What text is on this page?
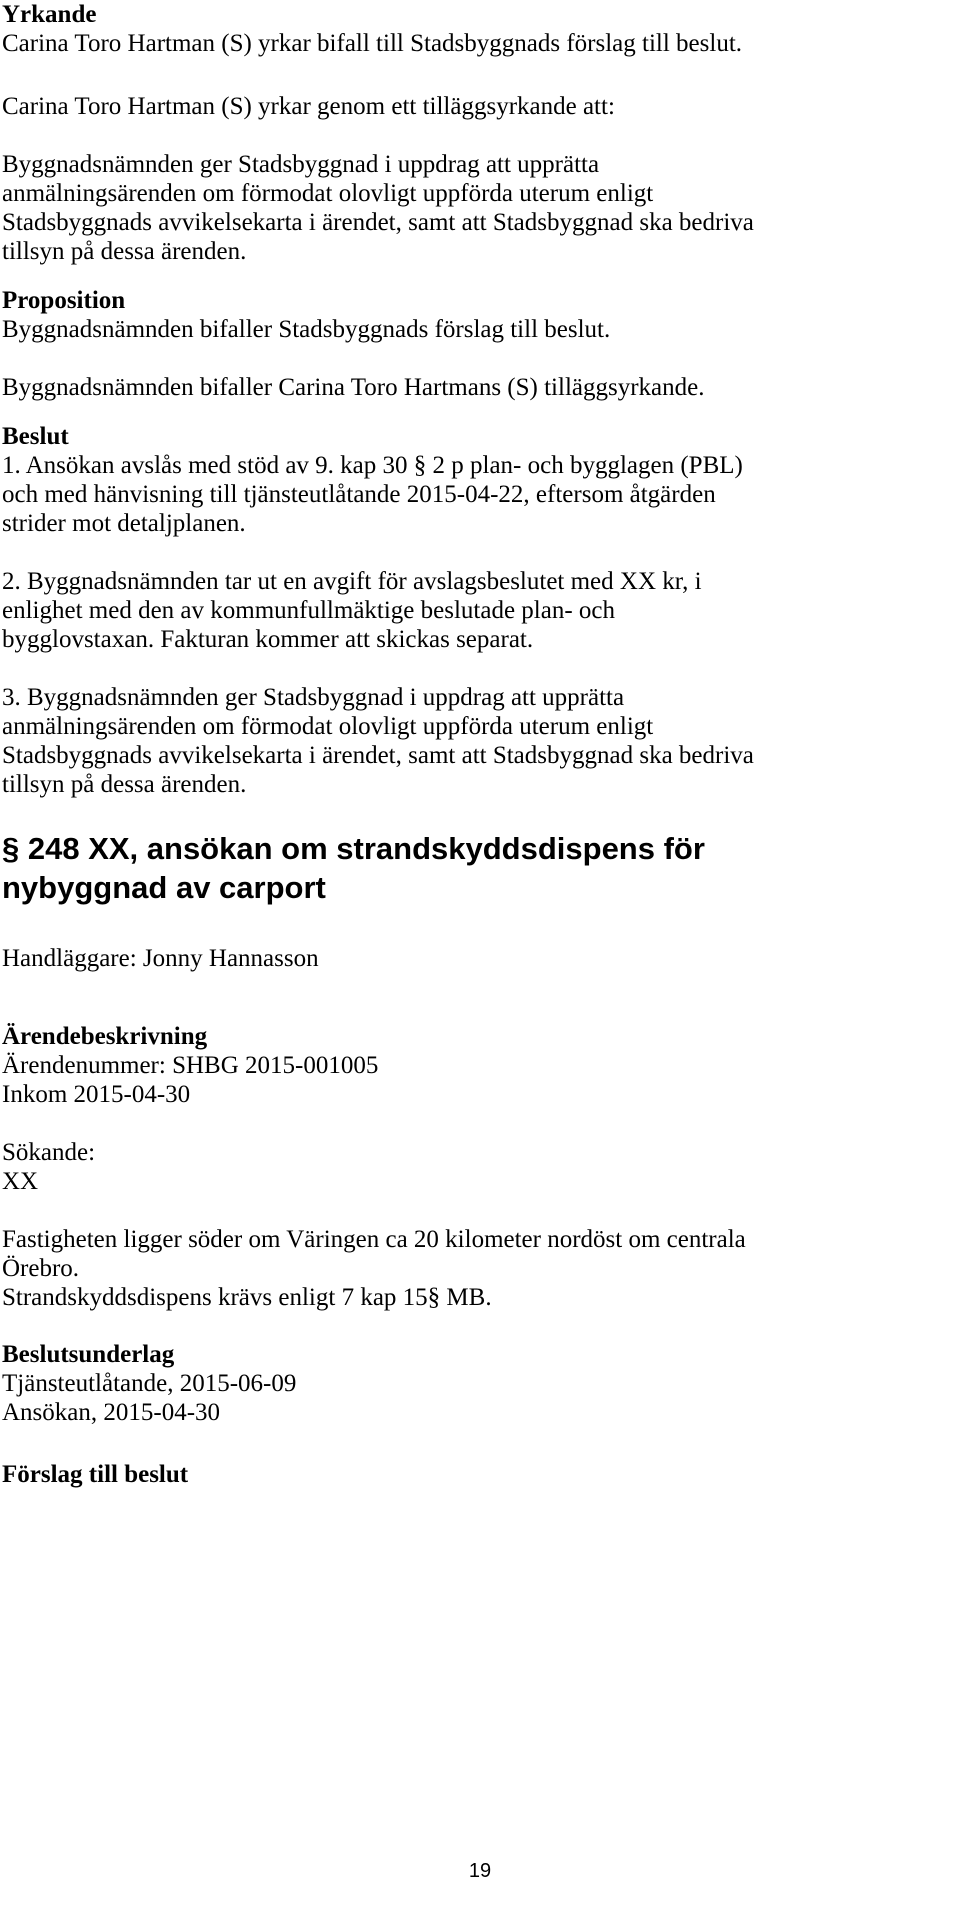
Yrkande
Carina Toro Hartman (S) yrkar bifall till Stadsbyggnads förslag till beslut.
Carina Toro Hartman (S) yrkar genom ett tilläggsyrkande att:
Byggnadsnämnden ger Stadsbyggnad i uppdrag att upprätta
anmälningsärenden om förmodat olovligt uppförda uterum enligt
Stadsbyggnads avvikelsekarta i ärendet, samt att Stadsbyggnad ska bedriva
tillsyn på dessa ärenden.
Proposition
Byggnadsnämnden bifaller Stadsbyggnads förslag till beslut.
Byggnadsnämnden bifaller Carina Toro Hartmans (S) tilläggsyrkande.
Beslut
1. Ansökan avslås med stöd av 9. kap 30 § 2 p plan- och bygglagen (PBL)
och med hänvisning till tjänsteutlåtande 2015-04-22, eftersom åtgärden
strider mot detaljplanen.
2. Byggnadsnämnden tar ut en avgift för avslagsbeslutet med XX kr, i
enlighet med den av kommunfullmäktige beslutade plan- och
bygglovstaxan. Fakturan kommer att skickas separat.
3. Byggnadsnämnden ger Stadsbyggnad i uppdrag att upprätta
anmälningsärenden om förmodat olovligt uppförda uterum enligt
Stadsbyggnads avvikelsekarta i ärendet, samt att Stadsbyggnad ska bedriva
tillsyn på dessa ärenden.
§ 248 XX, ansökan om strandskyddsdispens för
nybyggnad av carport
Handläggare: Jonny Hannasson
Ärendebeskrivning
Ärendenummer: SHBG 2015-001005
Inkom 2015-04-30
Sökande:
XX
Fastigheten ligger söder om Väringen ca 20 kilometer nordöst om centrala
Örebro.
Strandskyddsdispens krävs enligt 7 kap 15§ MB.
Beslutsunderlag
Tjänsteutlåtande, 2015-06-09
Ansökan, 2015-04-30
Förslag till beslut
19
